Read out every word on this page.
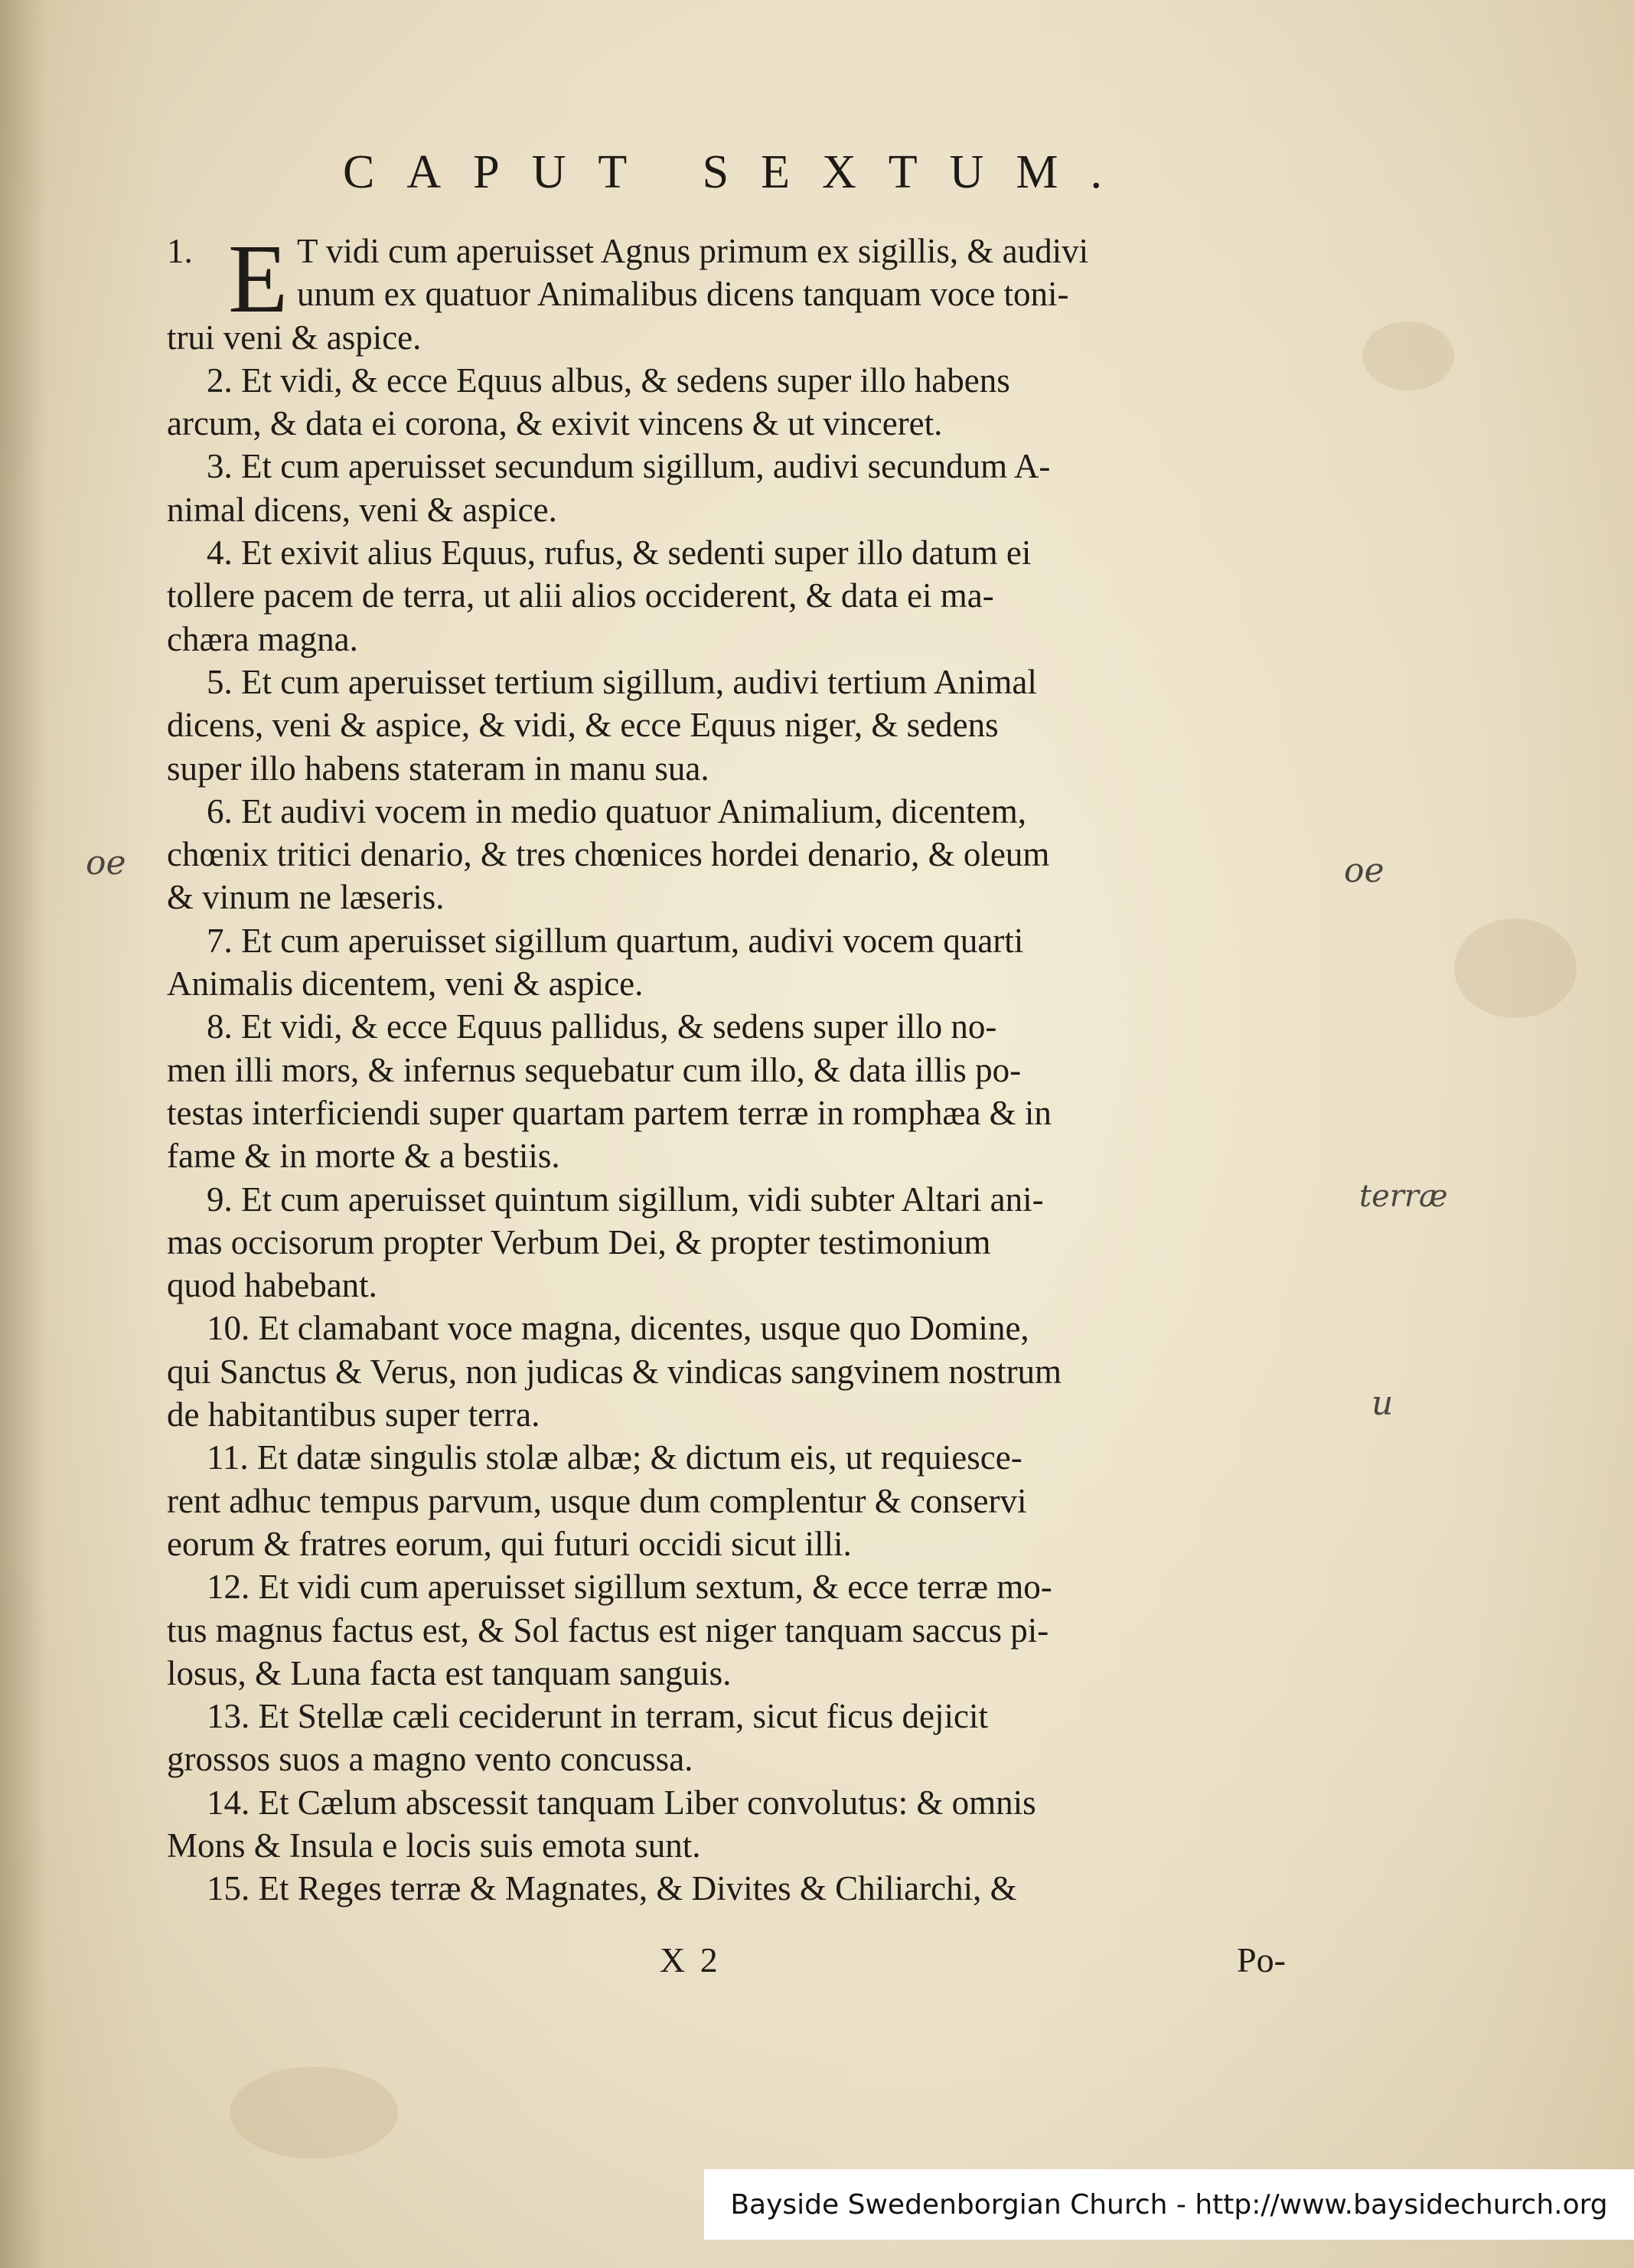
CAPUT SEXTUM.
E
1.	T vidi cum aperuisset Agnus primum ex sigillis, & audivi
unum ex quatuor Animalibus dicens tanquam voce toni-
trui veni & aspice.
2. Et vidi, & ecce Equus albus, & sedens super illo habens
arcum, & data ei corona, & exivit vincens & ut vinceret.
3. Et cum aperuisset secundum sigillum, audivi secundum A-
nimal dicens, veni & aspice.
4. Et exivit alius Equus, rufus, & sedenti super illo datum ei
tollere pacem de terra, ut alii alios occiderent, & data ei ma-
chæra magna.
5. Et cum aperuisset tertium sigillum, audivi tertium Animal
dicens, veni & aspice, & vidi, & ecce Equus niger, & sedens
super illo habens stateram in manu sua.
6. Et audivi vocem in medio quatuor Animalium, dicentem,
chœnix tritici denario, & tres chœnices hordei denario, & oleum
& vinum ne læseris.
7. Et cum aperuisset sigillum quartum, audivi vocem quarti
Animalis dicentem, veni & aspice.
8. Et vidi, & ecce Equus pallidus, & sedens super illo no-
men illi mors, & infernus sequebatur cum illo, & data illis po-
testas interficiendi super quartam partem terræ in romphæa & in
fame & in morte & a bestiis.
9. Et cum aperuisset quintum sigillum, vidi subter Altari ani-
mas occisorum propter Verbum Dei, & propter testimonium
quod habebant.
10. Et clamabant voce magna, dicentes, usque quo Domine,
qui Sanctus & Verus, non judicas & vindicas sangvinem nostrum
de habitantibus super terra.
11. Et datæ singulis stolæ albæ; & dictum eis, ut requiesce-
rent adhuc tempus parvum, usque dum complentur & conservi
eorum & fratres eorum, qui futuri occidi sicut illi.
12. Et vidi cum aperuisset sigillum sextum, & ecce terræ mo-
tus magnus factus est, & Sol factus est niger tanquam saccus pi-
losus, & Luna facta est tanquam sanguis.
13. Et Stellæ cæli ceciderunt in terram, sicut ficus dejicit
grossos suos a magno vento concussa.
14. Et Cælum abscessit tanquam Liber convolutus: & omnis
Mons & Insula e locis suis emota sunt.
15. Et Reges terræ & Magnates, & Divites & Chiliarchi, &
X 2	Po-
oe	oe
terræ
u
Bayside Swedenborgian Church - http://www.baysidechurch.org
